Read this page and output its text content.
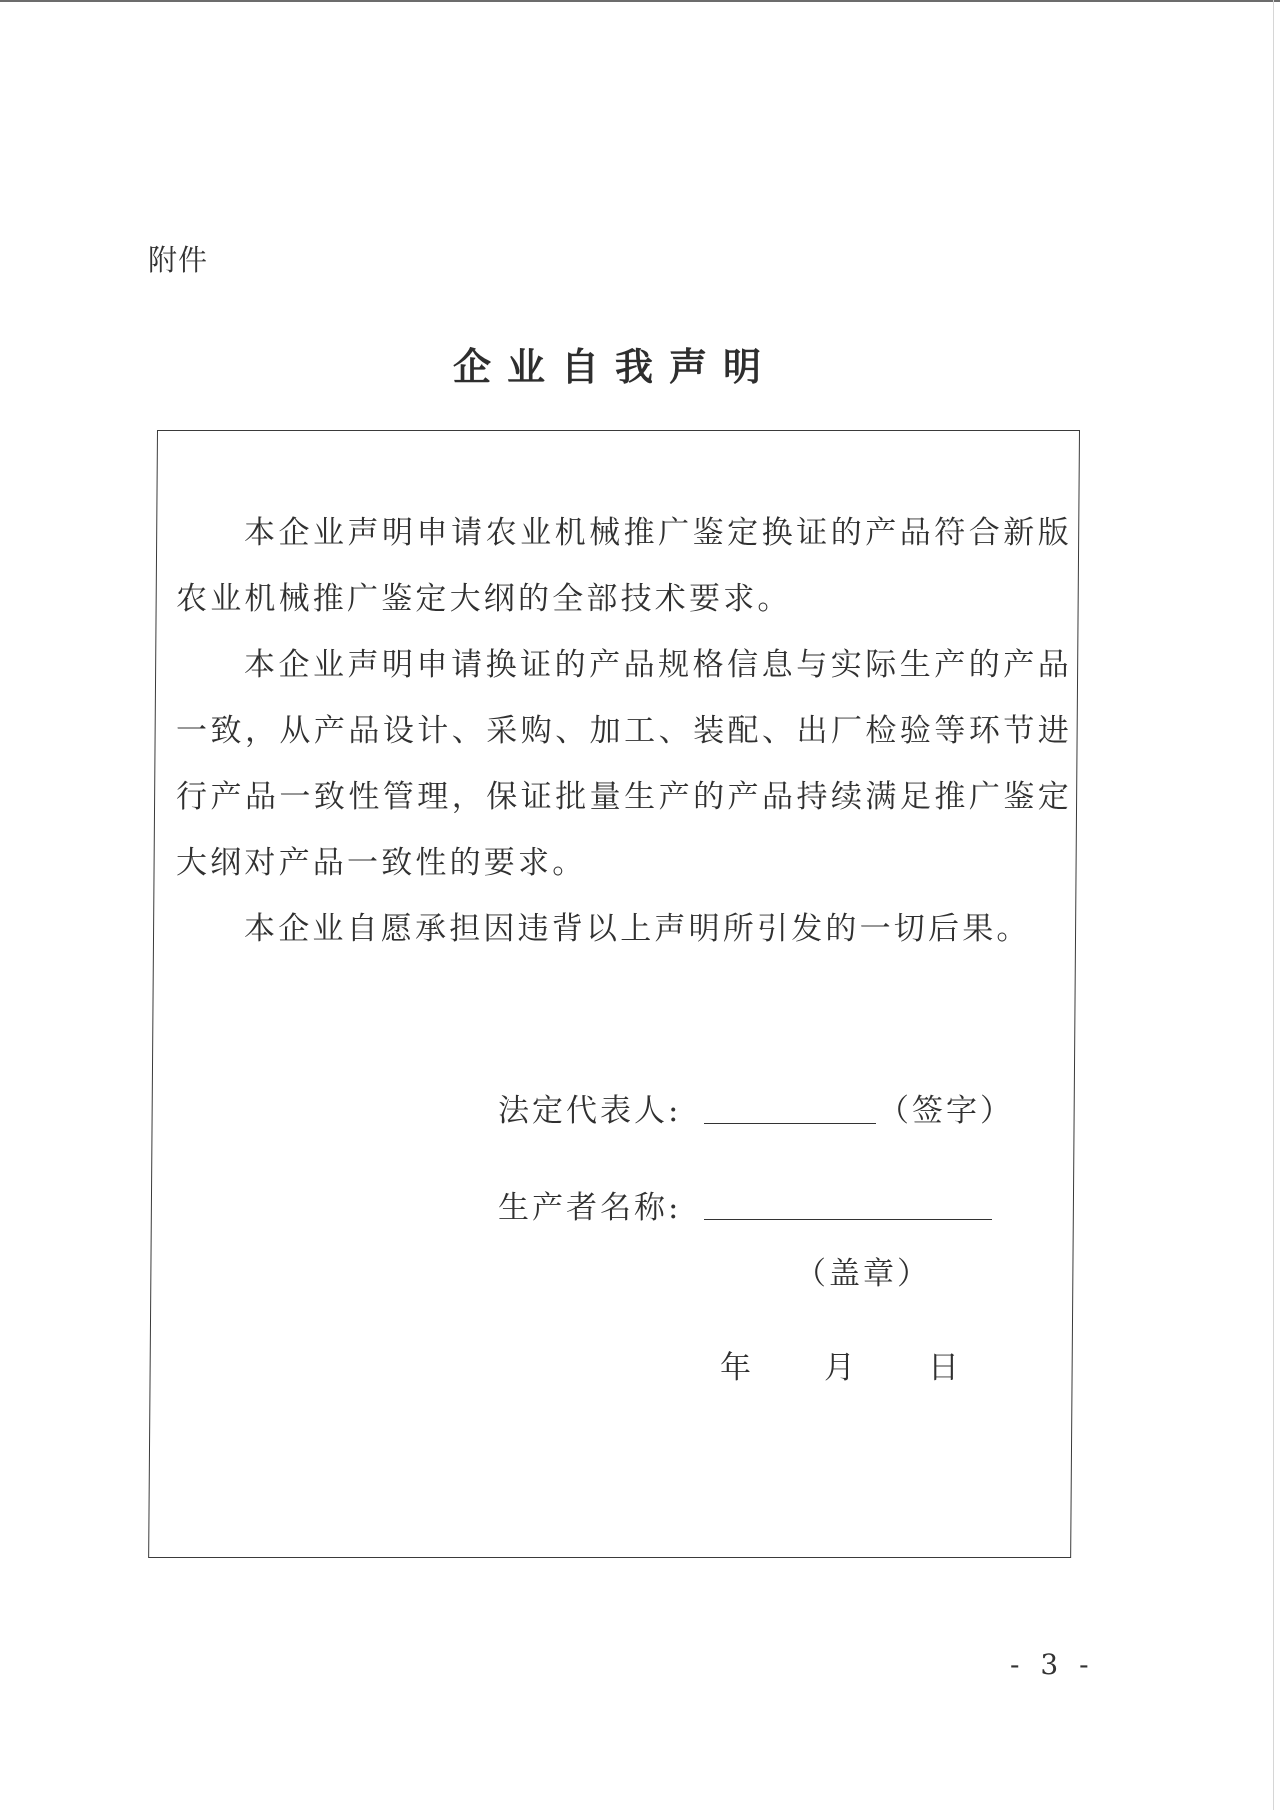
附件
企业自我声明

本企业声明申请农业机械推广鉴定换证的产品符合新版农业机械推广鉴定大纲的全部技术要求。

本企业声明申请换证的产品规格信息与实际生产的产品一致，从产品设计、采购、加工、装配、出厂检验等环节进行产品一致性管理，保证批量生产的产品持续满足推广鉴定大纲对产品一致性的要求。

本企业自愿承担因违背以上声明所引发的一切后果。

法定代表人:	（签字）
生产者名称:
（盖章）
年 月 日
- 3 -
